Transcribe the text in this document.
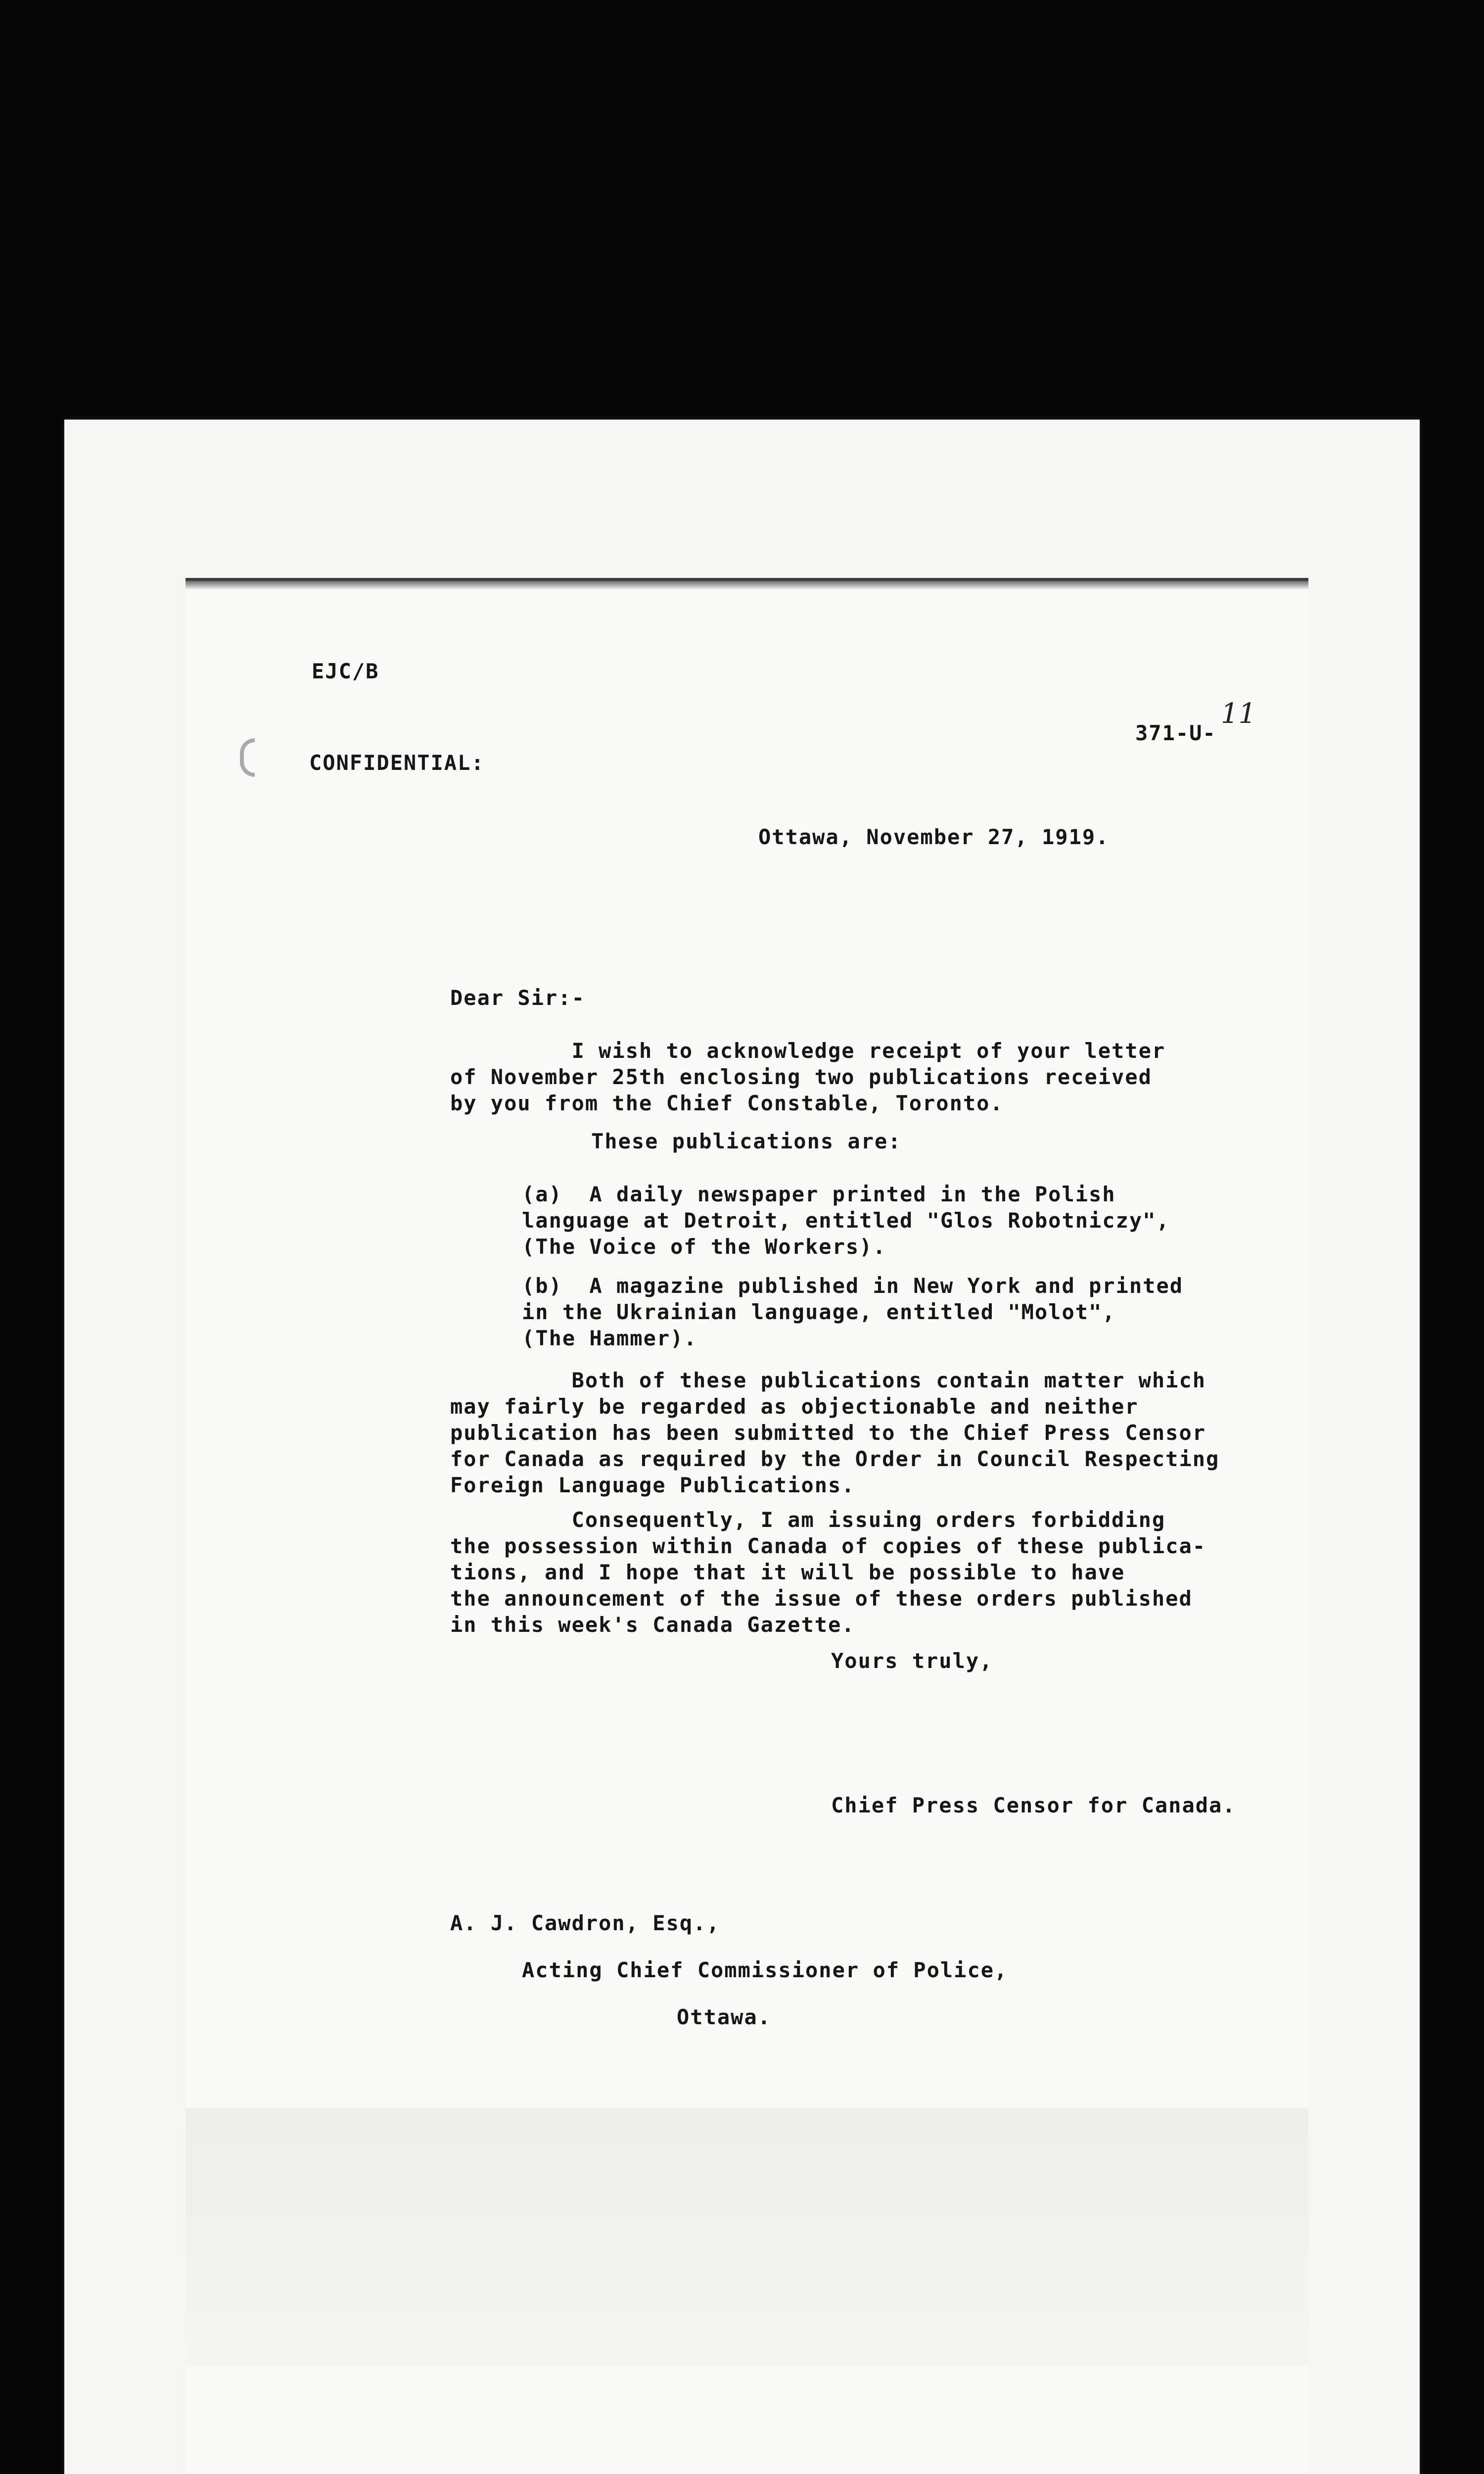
EJC/B

371-U-

11

CONFIDENTIAL:

Ottawa, November 27, 1919.

Dear Sir:-

I wish to acknowledge receipt of your letter
of November 25th enclosing two publications received
by you from the Chief Constable, Toronto.

These publications are:

(a)  A daily newspaper printed in the Polish
language at Detroit, entitled "Glos Robotniczy",
(The Voice of the Workers).

(b)  A magazine published in New York and printed
in the Ukrainian language, entitled "Molot",
(The Hammer).

Both of these publications contain matter which
may fairly be regarded as objectionable and neither
publication has been submitted to the Chief Press Censor
for Canada as required by the Order in Council Respecting
Foreign Language Publications.

Consequently, I am issuing orders forbidding
the possession within Canada of copies of these publica-
tions, and I hope that it will be possible to have
the announcement of the issue of these orders published
in this week's Canada Gazette.

Yours truly,

Chief Press Censor for Canada.

A. J. Cawdron, Esq.,

Acting Chief Commissioner of Police,

Ottawa.
